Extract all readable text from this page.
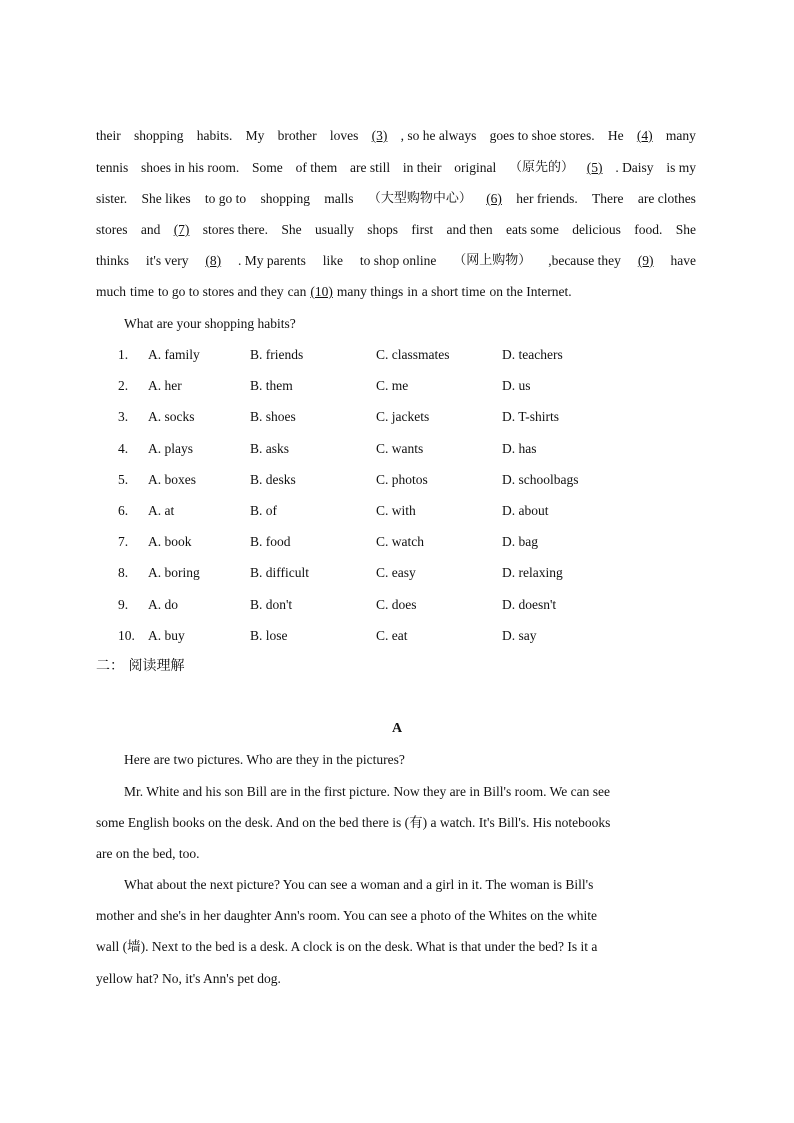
their shopping habits. My brother loves (3) , so he always goes to shoe stores. He (4) many
tennis shoes in his room. Some of them are still in their original （原先的） (5) . Daisy is my
sister. She likes to go to shopping malls （大型购物中心） (6) her friends. There are clothes
stores and (7) stores there. She usually shops first and then eats some delicious food. She
thinks it's very (8) . My parents like to shop online （网上购物） ,because they (9) have
much time to go to stores and they can (10) many things in a short time on the Internet.
What are your shopping habits?
1. A. family	B. friends	C. classmates	D. teachers
2. A. her	B. them	C. me	D. us
3. A. socks	B. shoes	C. jackets	D. T-shirts
4. A. plays	B. asks	C. wants	D. has
5. A. boxes	B. desks	C. photos	D. schoolbags
6. A. at	B. of	C. with	D. about
7. A. book	B. food	C. watch	D. bag
8. A. boring	B. difficult	C. easy	D. relaxing
9. A. do	B. don't	C. does	D. doesn't
10. A. buy	B. lose	C. eat	D. say
二： 阅读理解
A
Here are two pictures. Who are they in the pictures?
Mr. White and his son Bill are in the first picture. Now they are in Bill's room. We can see
some English books on the desk. And on the bed there is (有) a watch. It's Bill's. His notebooks
are on the bed, too.
What about the next picture? You can see a woman and a girl in it. The woman is Bill's
mother and she's in her daughter Ann's room. You can see a photo of the Whites on the white
wall (墙). Next to the bed is a desk. A clock is on the desk. What is that under the bed? Is it a
yellow hat? No, it's Ann's pet dog.
